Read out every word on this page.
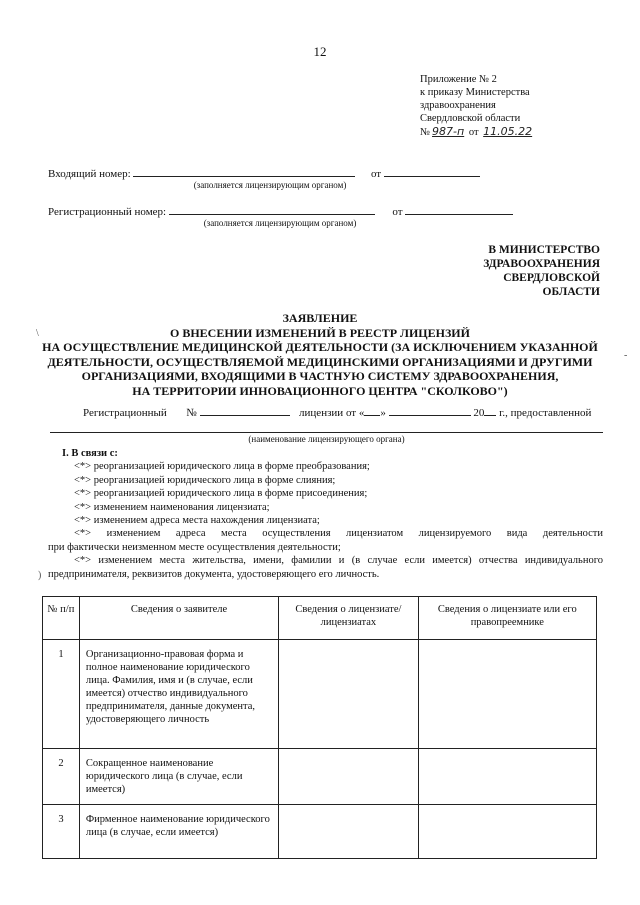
12
Приложение № 2
к приказу Министерства
здравоохранения
Свердловской области
№ 987-п от 11.05.22
Входящий номер:	от
(заполняется лицензирующим органом)
Регистрационный номер:	от
(заполняется лицензирующим органом)
В МИНИСТЕРСТВО
ЗДРАВООХРАНЕНИЯ
СВЕРДЛОВСКОЙ
ОБЛАСТИ
ЗАЯВЛЕНИЕ
О ВНЕСЕНИИ ИЗМЕНЕНИЙ В РЕЕСТР ЛИЦЕНЗИЙ
НА ОСУЩЕСТВЛЕНИЕ МЕДИЦИНСКОЙ ДЕЯТЕЛЬНОСТИ (ЗА ИСКЛЮЧЕНИЕМ УКАЗАННОЙ
ДЕЯТЕЛЬНОСТИ, ОСУЩЕСТВЛЯЕМОЙ МЕДИЦИНСКИМИ ОРГАНИЗАЦИЯМИ И ДРУГИМИ
ОРГАНИЗАЦИЯМИ, ВХОДЯЩИМИ В ЧАСТНУЮ СИСТЕМУ ЗДРАВООХРАНЕНИЯ,
НА ТЕРРИТОРИИ ИННОВАЦИОННОГО ЦЕНТРА "СКОЛКОВО")
\
-
)
Регистрационный №	лицензии от « »	20 г., предоставленной
(наименование лицензирующего органа)

I. В связи с:

<*> реорганизацией юридического лица в форме преобразования;

<*> реорганизацией юридического лица в форме слияния;

<*> реорганизацией юридического лица в форме присоединения;

<*> изменением наименования лицензиата;

<*> изменением адреса места нахождения лицензиата;

<*> изменением адреса места осуществления лицензиатом лицензируемого вида деятельности

при фактически неизменном месте осуществления деятельности;

<*> изменением места жительства, имени, фамилии и (в случае если имеется) отчества индивидуального

предпринимателя, реквизитов документа, удостоверяющего его личность.

№ п/п	Сведения о заявителе	Сведения о лицензиате/лицензиатах	Сведения о лицензиате или его правопреемнике
1	Организационно-правовая форма и полное наименование юридического лица. Фамилия, имя и (в случае, если имеется) отчество индивидуального предпринимателя, данные документа, удостоверяющего личность		
2	Сокращенное наименование юридического лица (в случае, если имеется)		
3	Фирменное наименование юридического лица (в случае, если имеется)		
